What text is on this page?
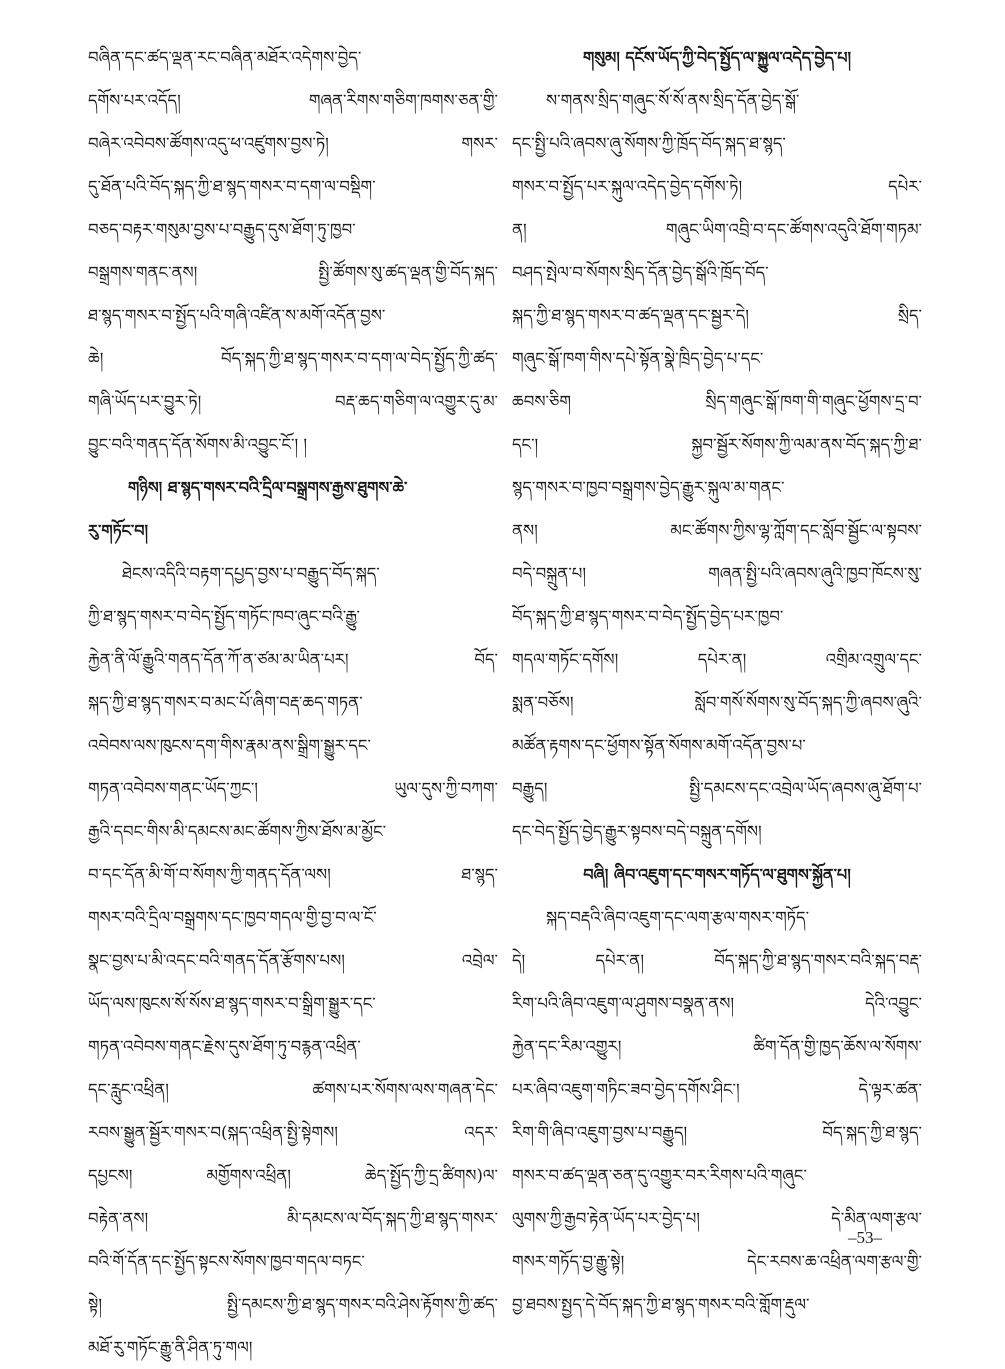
བཞིན་དང་ཚད་ལྡན་རང་བཞིན་མཐོར་འདེགས་བྱེད་
དགོས་པར་འདོད། གཞན་རིགས་གཅིག་ཁགས་ཅན་གྱི་
བཞེར་འབེབས་ཚོགས་འདུ་ཕ་འཛུགས་བྱས་ཏེ། གསར་
དུ་ཐོན་པའི་བོད་སྐད་ཀྱི་ཐ་སྙད་གསར་བ་དག་ལ་བསྡིག་
བཅད་བརྟར་གསུམ་བྱས་པ་བརྒྱུད་དུས་ཐོག་ཏུ་ཁྱབ་
བསྒྲགས་གནང་ནས། སྤྱི་ཚོགས་སུ་ཚད་ལྡན་གྱི་བོད་སྐད་
ཐ་སྙད་གསར་བ་སྤྱོད་པའི་གཞི་འཛིན་ས་མགོ་འདོན་བྱས་
ཆེ། བོད་སྐད་ཀྱི་ཐ་སྙད་གསར་བ་དག་ལ་བེད་སྤྱོད་ཀྱི་ཚད་
གཞི་ཡོད་པར་བྱུར་ཏེ། བརྡ་ཆད་གཅིག་ལ་འགྱུར་དུ་མ་
བྱུང་བའི་གནད་དོན་སོགས་མི་འབྱུང་ངོ་། །
གཉིས། ཐ་སྙད་གསར་བའི་དྲིལ་བསྒྲགས་རྒྱས་ཐུགས་ཆེ་
རུ་གཏོང་བ།
ཐེངས་འདིའི་བརྟག་དཔྱད་བྱས་པ་བརྒྱུད་བོད་སྐད་
ཀྱི་ཐ་སྙད་གསར་བ་བེད་སྤྱོད་གཏོང་ཁབ་ཞུང་བའི་རྒྱུ་
རྐྱེན་ནི་ལོ་རྒྱུའི་གནད་དོན་ཀོ་ན་ཙམ་མ་ཡིན་པར། བོད་
སྐད་ཀྱི་ཐ་སྙད་གསར་བ་མང་པོ་ཞིག་བརྡ་ཆད་གཏན་
འབེབས་ལས་ཁུངས་དག་གིས་རྣམ་ནས་སྒྲིག་སྒྱུར་དང་
གཏན་འབེབས་གནང་ཡོད་ཀྱང་། ཡུལ་དུས་ཀྱི་བཀག་
རྒྱའི་དབང་གིས་མི་དམངས་མང་ཚོགས་ཀྱིས་ཐོས་མ་མྱོང་
བ་དང་དོན་མི་གོ་བ་སོགས་ཀྱི་གནད་དོན་ལས། ཐ་སྙད་
གསར་བའི་དྲིལ་བསྒྲགས་དང་ཁྱབ་གདལ་གྱི་བྱ་བ་ལ་ངོ་
སྣང་བྱས་པ་མི་འདང་བའི་གནད་དོན་རྩོགས་པས། འབྲེལ་
ཡོད་ལས་ཁུངས་སོ་སོས་ཐ་སྙད་གསར་བ་སྒྲིག་སྒྱུར་དང་
གཏན་འབེབས་གནང་རྗེས་དུས་ཐོག་ཏུ་བརྙན་འཕྲིན་
དང་རླུང་འཕྲིན། ཚགས་པར་སོགས་ལས་གཞན་དེང་
རབས་སྒྱུན་སྦྱོར་གསར་བ(སྐད་འཕྲིན་སྤྱི་སྟེགས། འདར་
དཔྱངས། མགྱོགས་འཕྲིན། ཆེད་སྤྱོད་ཀྱི་དྲ་ཚིགས)ལ་
བརྟེན་ནས། མི་དམངས་ལ་བོད་སྐད་ཀྱི་ཐ་སྙད་གསར་
བའི་གོ་དོན་དང་སྤྱོད་སྟངས་སོགས་ཁྱབ་གདལ་བཏང་
སྟེ། སྤྱི་དམངས་ཀྱི་ཐ་སྙད་གསར་བའི་ཤེས་རྟོགས་ཀྱི་ཚད་
མཐོ་རུ་གཏོང་རྒྱུ་ནི་ཤིན་ཏུ་གལ།
གསུམ། དངོས་ཡོད་ཀྱི་བེད་སྤྱོད་ལ་སྐྱུལ་འདེད་བྱེད་པ།
ས་གནས་སྲིད་གཞུང་སོ་སོ་ནས་སྲིད་དོན་བྱེད་སྒོ་
དང་སྤྱི་པའི་ཞབས་ཞུ་སོགས་ཀྱི་ཁྲོད་བོད་སྐད་ཐ་སྙད་
གསར་བ་སྤྱོད་པར་སྐུལ་འདེད་བྱེད་དགོས་ཏེ། དཔེར་
ན། གཞུང་ཡིག་འབྲི་བ་དང་ཚོགས་འདུའི་ཐོག་གཏམ་
བཤད་སྤེལ་བ་སོགས་སྲིད་དོན་བྱེད་སྒོའི་ཁྲོད་བོད་
སྐད་ཀྱི་ཐ་སྙད་གསར་བ་ཚད་ལྡན་དང་སྦྱར་དེ། སྲིད་
གཞུང་སྒོ་ཁག་གིས་དཔེ་སྟོན་སྣེ་ཁྲིད་བྱེད་པ་དང་
ཆབས་ཅིག སྲིད་གཞུང་སྒོ་ཁག་གི་གཞུང་ཕྱོགས་དྲ་བ་
དང་། སྐྱབ་སྦྱོར་སོགས་ཀྱི་ལམ་ནས་བོད་སྐད་ཀྱི་ཐ་
སྙད་གསར་བ་ཁྱབ་བསྒྲགས་བྱེད་རྒྱུར་སྐུལ་མ་གནང་
ནས། མང་ཚོགས་ཀྱིས་ལྷ་ཀློག་དང་སློབ་སྦྱོང་ལ་སྟབས་
བདེ་བསྐྲུན་པ། གཞན་སྤྱི་པའི་ཞབས་ཞུའི་ཁྱབ་ཁོངས་སུ་
བོད་སྐད་ཀྱི་ཐ་སྙད་གསར་བ་བེད་སྤྱོད་བྱེད་པར་ཁྱབ་
གདལ་གཏོང་དགོས། དཔེར་ན། འགྲིམ་འགྲུལ་དང་
སྨན་བཅོས། སློབ་གསོ་སོགས་སུ་བོད་སྐད་ཀྱི་ཞབས་ཞུའི་
མཚོན་རྟགས་དང་ཕྱོགས་སྟོན་སོགས་མགོ་འདོན་བྱས་པ་
བརྒྱུད། སྤྱི་དམངས་དང་འབྲེལ་ཡོད་ཞབས་ཞུ་ཐོག་པ་
དང་བེད་སྤྱོད་བྱེད་རྒྱུར་སྟབས་བདེ་བསྐྲུན་དགོས།
བཞི། ཞིབ་འཇུག་དང་གསར་གཏོད་ལ་ཐུགས་སྐྱོན་པ།
སྐད་བརྡའི་ཞིབ་འཇུག་དང་ལག་རྩལ་གསར་གཏོད་
དེ། དཔེར་ན། བོད་སྐད་ཀྱི་ཐ་སྙད་གསར་བའི་སྐད་བརྡ་
རིག་པའི་ཞིབ་འཇུག་ལ་ཤུགས་བསྣན་ནས། དེའི་འབྱུང་
རྐྱེན་དང་རིམ་འགྱུར། ཚིག་དོན་གྱི་ཁྱད་ཆོས་ལ་སོགས་
པར་ཞིབ་འཇུག་གཏིང་ཟབ་བྱེད་དགོས་ཤིང་། དེ་ལྟར་ཚན་
རིག་གི་ཞིབ་འཇུག་བྱས་པ་བརྒྱུད། བོད་སྐད་ཀྱི་ཐ་སྙད་
གསར་བ་ཚད་ལྡན་ཅན་དུ་འགྱུར་བར་རིགས་པའི་གཞུང་
ལུགས་ཀྱི་རྒྱབ་རྟེན་ཡོད་པར་བྱེད་པ། དེ་མིན་ལག་རྩལ་
གསར་གཏོད་བྱ་རྒྱུ་སྟེ། དེང་རབས་ཆ་འཕྲིན་ལག་རྩལ་གྱི་
བྱ་ཐབས་སྤྱད་དེ་བོད་སྐད་ཀྱི་ཐ་སྙད་གསར་བའི་གློག་རྡུལ་
–53–
